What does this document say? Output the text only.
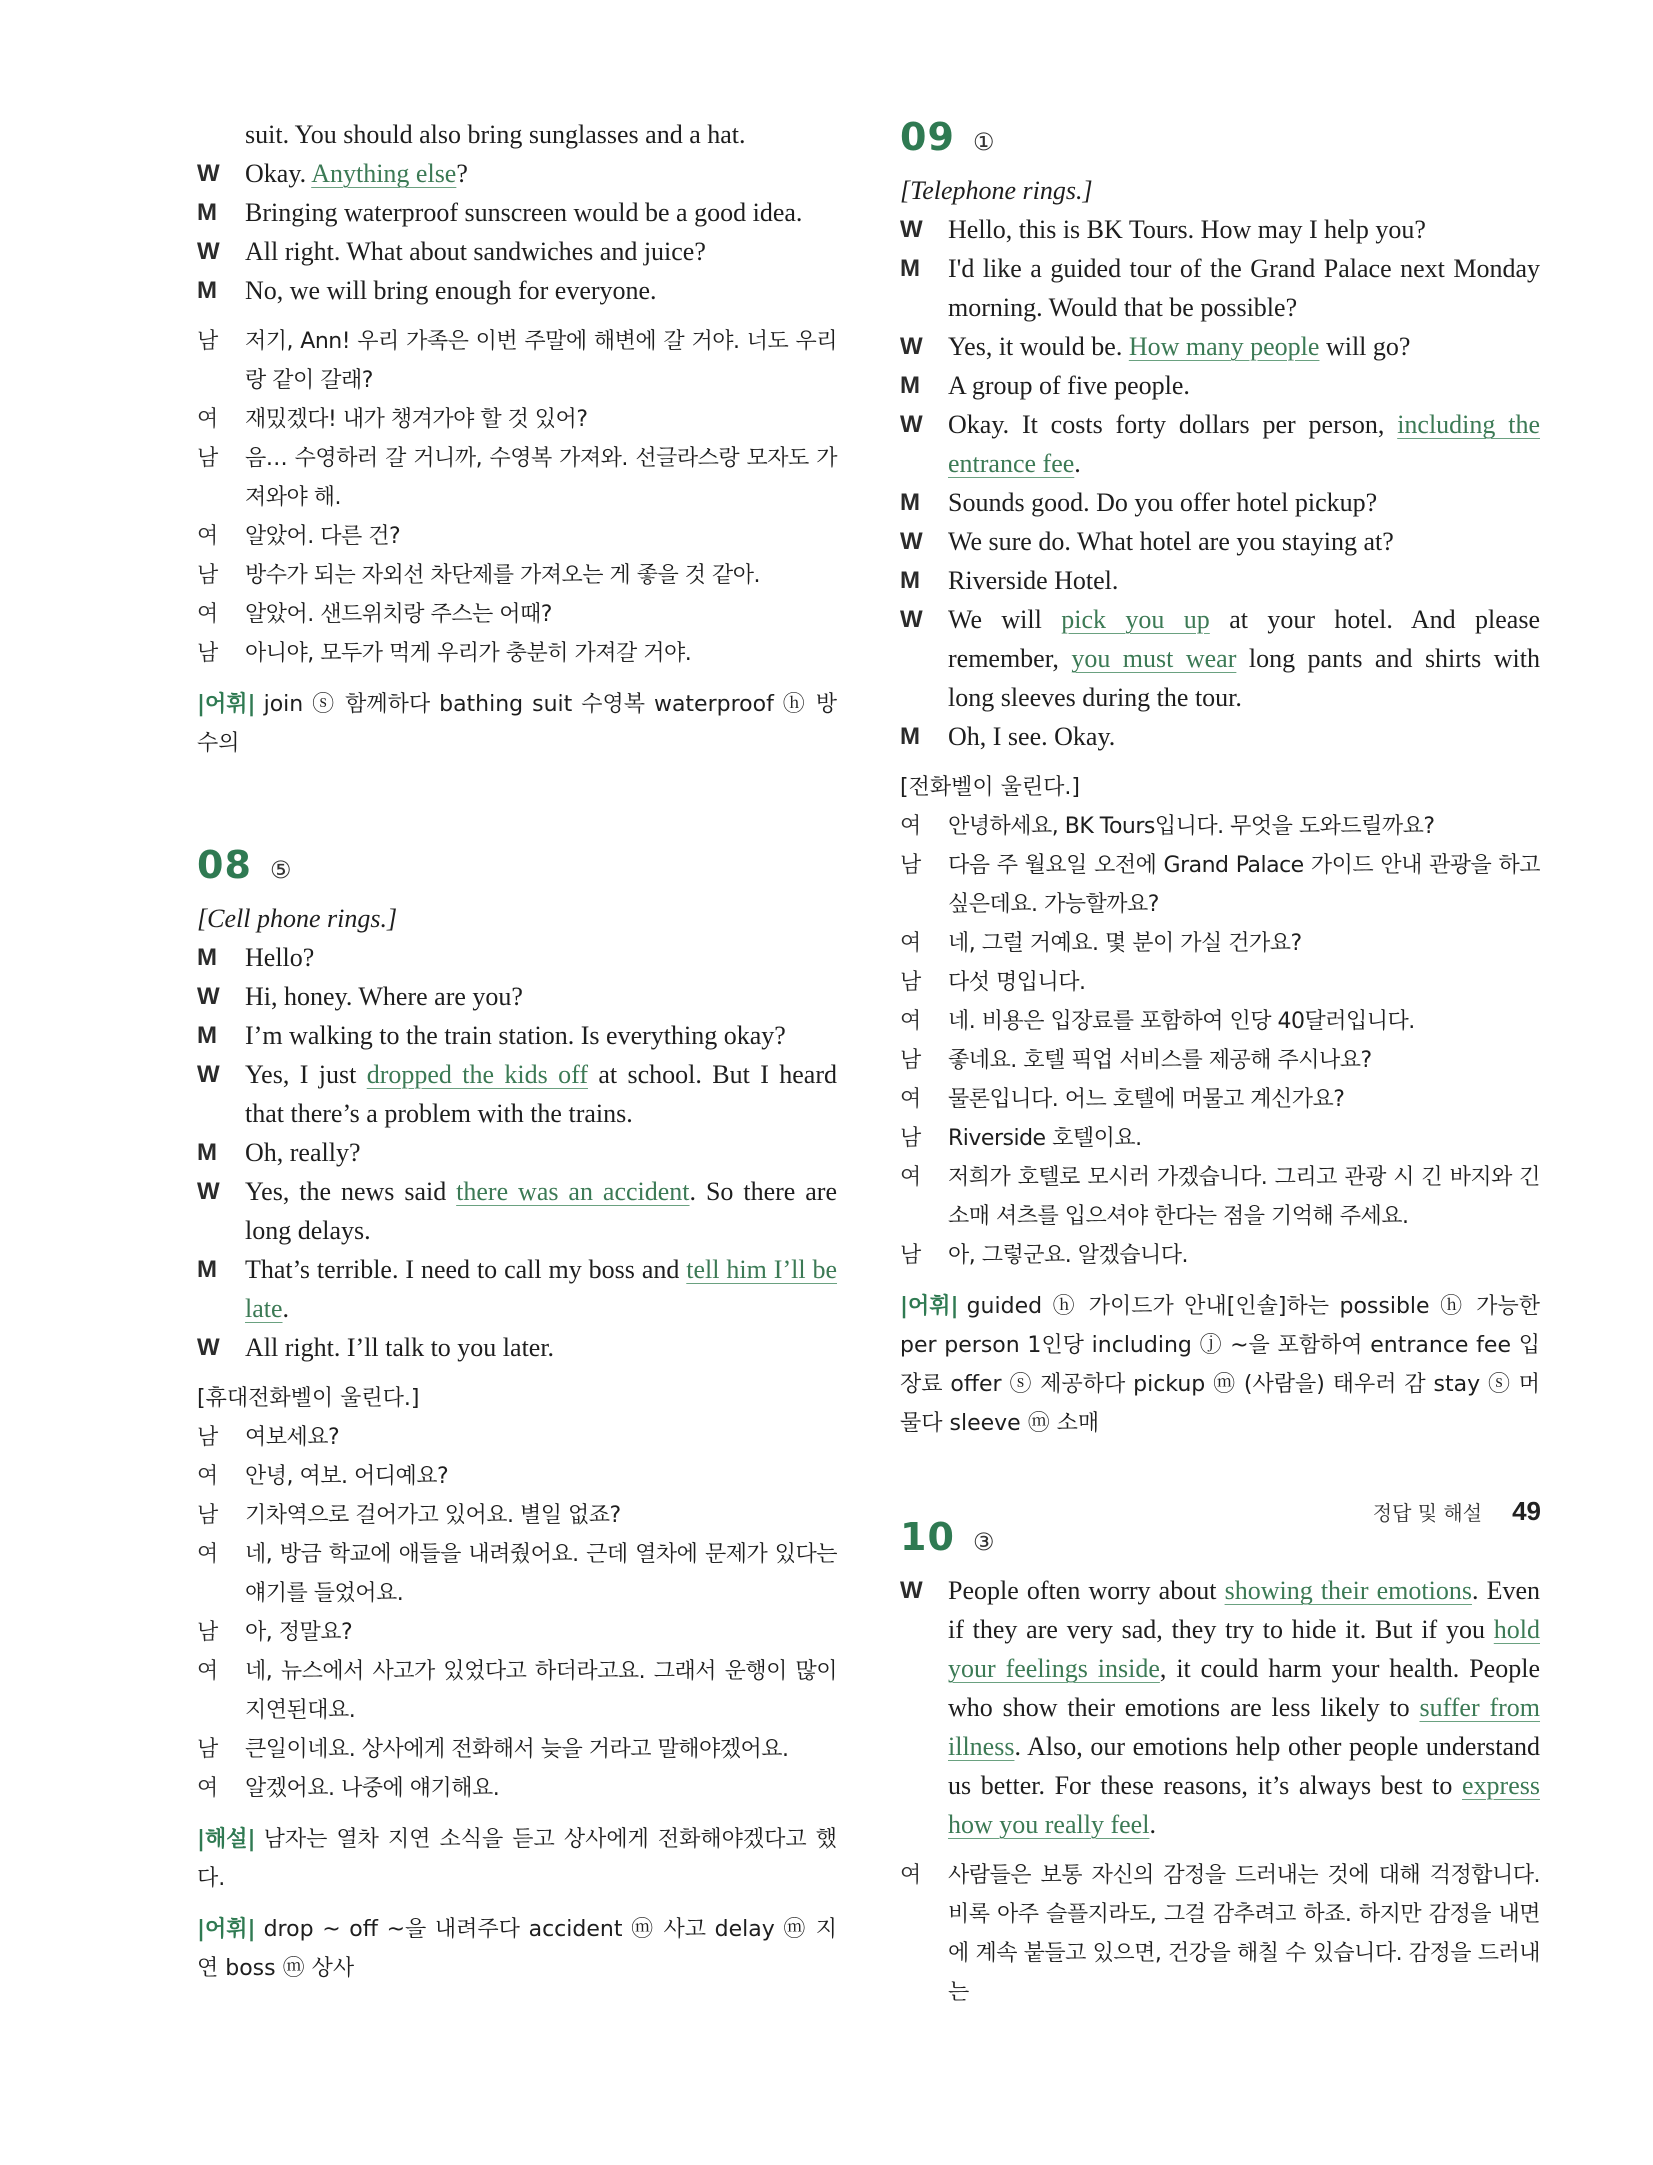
suit. You should also bring sunglasses and a hat.
W Okay. Anything else?
M	Bringing waterproof sunscreen would be a good idea.
W All right. What about sandwiches and juice?
M	No, we will bring enough for everyone.
남	저기, Ann! 우리 가족은 이번 주말에 해변에 갈 거야. 너도 우리랑 같이 갈래?
여	재밌겠다! 내가 챙겨가야 할 것 있어?
남	음… 수영하러 갈 거니까, 수영복 가져와. 선글라스랑 모자도 가져와야 해.
여	알았어. 다른 건?
남	방수가 되는 자외선 차단제를 가져오는 게 좋을 것 같아.
여	알았어. 샌드위치랑 주스는 어때?
남	아니야, 모두가 먹게 우리가 충분히 가져갈 거야.
|어휘| join ⓢ 함께하다 bathing suit 수영복 waterproof ⓗ 방수의
08 ⑤
[Cell phone rings.]
M	Hello?
W Hi, honey. Where are you?
M	I’m walking to the train station. Is everything okay?
W Yes, I just dropped the kids off at school. But I heard that there’s a problem with the trains.
M	Oh, really?
W Yes, the news said there was an accident. So there are long delays.
M	That’s terrible. I need to call my boss and tell him I’ll be late.
W All right. I’ll talk to you later.
[휴대전화벨이 울린다.]
남	여보세요?
여	안녕, 여보. 어디예요?
남	기차역으로 걸어가고 있어요. 별일 없죠?
여	네, 방금 학교에 애들을 내려줬어요. 근데 열차에 문제가 있다는 얘기를 들었어요.
남	아, 정말요?
여	네, 뉴스에서 사고가 있었다고 하더라고요. 그래서 운행이 많이 지연된대요.
남	큰일이네요. 상사에게 전화해서 늦을 거라고 말해야겠어요.
여	알겠어요. 나중에 얘기해요.
|해설| 남자는 열차 지연 소식을 듣고 상사에게 전화해야겠다고 했다.
|어휘| drop ~ off ~을 내려주다 accident ⓜ 사고 delay ⓜ 지연 boss ⓜ 상사
09 ①
[Telephone rings.]
W Hello, this is BK Tours. How may I help you?
M	I'd like a guided tour of the Grand Palace next Monday morning. Would that be possible?
W Yes, it would be. How many people will go?
M	A group of five people.
W Okay. It costs forty dollars per person, including the entrance fee.
M	Sounds good. Do you offer hotel pickup?
W We sure do. What hotel are you staying at?
M	Riverside Hotel.
W We will pick you up at your hotel. And please remember, you must wear long pants and shirts with long sleeves during the tour.
M	Oh, I see. Okay.
[전화벨이 울린다.]
여	안녕하세요, BK Tours입니다. 무엇을 도와드릴까요?
남	다음 주 월요일 오전에 Grand Palace 가이드 안내 관광을 하고 싶은데요. 가능할까요?
여	네, 그럴 거예요. 몇 분이 가실 건가요?
남	다섯 명입니다.
여	네. 비용은 입장료를 포함하여 인당 40달러입니다.
남	좋네요. 호텔 픽업 서비스를 제공해 주시나요?
여	물론입니다. 어느 호텔에 머물고 계신가요?
남	Riverside 호텔이요.
여	저희가 호텔로 모시러 가겠습니다. 그리고 관광 시 긴 바지와 긴 소매 셔츠를 입으셔야 한다는 점을 기억해 주세요.
남	아, 그렇군요. 알겠습니다.
|어휘| guided ⓗ 가이드가 안내[인솔]하는 possible ⓗ 가능한 per person 1인당 including ⓙ ~을 포함하여 entrance fee 입장료 offer ⓢ 제공하다 pickup ⓜ (사람을) 태우러 감 stay ⓢ 머물다 sleeve ⓜ 소매
10 ③
W People often worry about showing their emotions. Even if they are very sad, they try to hide it. But if you hold your feelings inside, it could harm your health. People who show their emotions are less likely to suffer from illness. Also, our emotions help other people understand us better. For these reasons, it’s always best to express how you really feel.
여	사람들은 보통 자신의 감정을 드러내는 것에 대해 걱정합니다. 비록 아주 슬플지라도, 그걸 감추려고 하죠. 하지만 감정을 내면에 계속 붙들고 있으면, 건강을 해칠 수 있습니다. 감정을 드러내는
정답 및 해설 49
